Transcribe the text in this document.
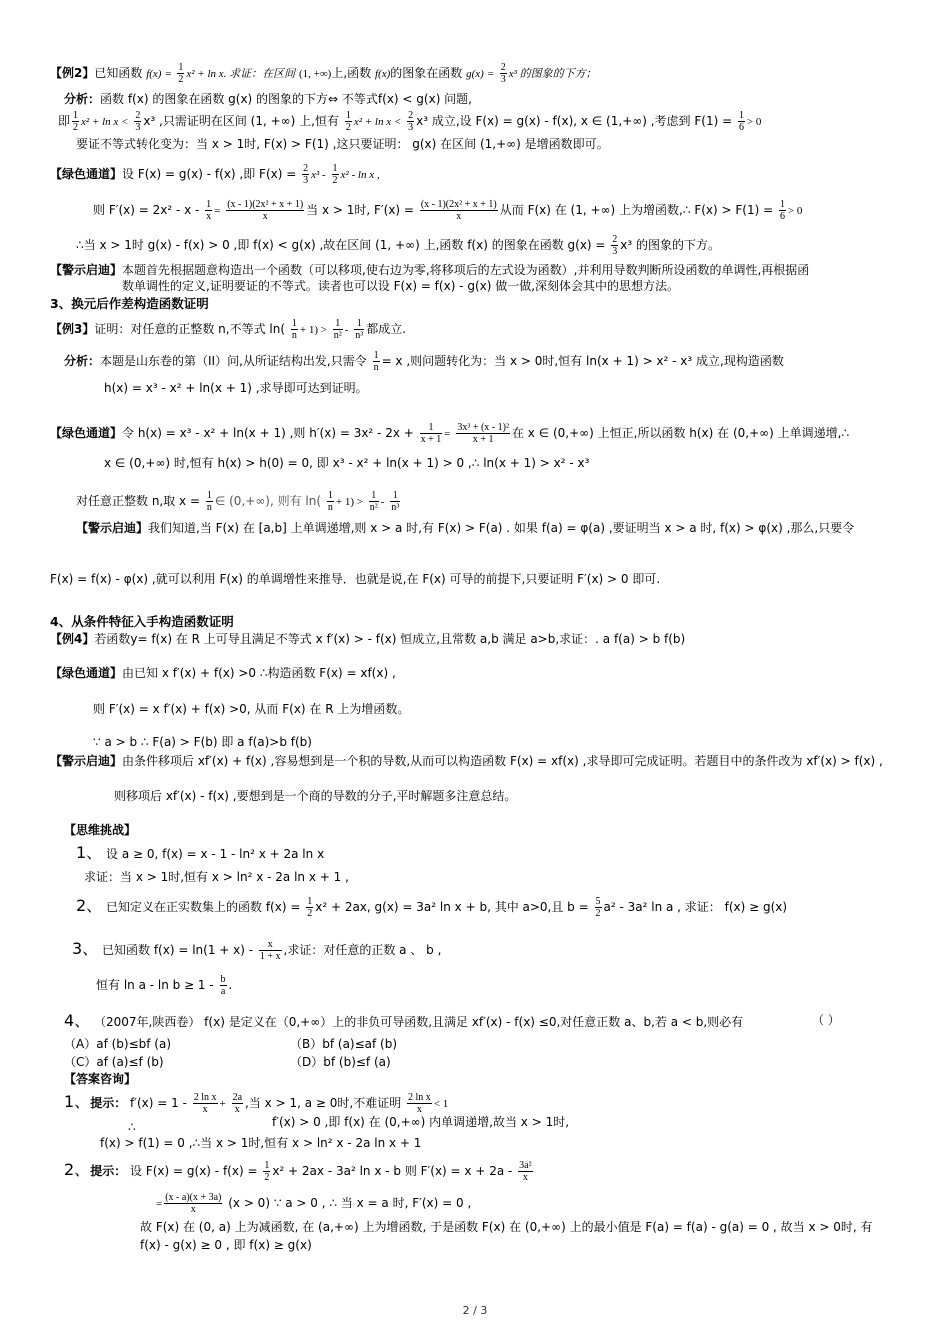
【例2】已知函数 $f(x) = \frac{1}{2} x^2 + \ln x$. 求证：在区间 (1, +∞)上,函数 f(x)的图象在函数 $g(x) = \frac{2}{3} x^3$ 的图象的下方；
分析：函数 f(x) 的图象在函数 g(x) 的图象的下方⇔ 不等式f(x) < g(x) 问题,
即 $\frac{1}{2} x^2 + \ln x < \frac{2}{3} x^3$ ,只需证明在区间 (1, +∞) 上,恒有 $\frac{1}{2} x^2 + \ln x < \frac{2}{3} x^3$ 成立,设 F(x) = g(x) - f(x), x ∈ (1,+∞) ,考虑到 $F(1) = \frac{1}{6} > 0$
要证不等式转化变为：当 x > 1时, F(x) > F(1) ,这只要证明： g(x) 在区间 (1,+∞) 是增函数即可。
【绿色通道】设 F(x) = g(x) - f(x) ,即 $F(x) = \frac{2}{3} x^3 - \frac{1}{2} x^2 - \ln x$ ,
则 $F'(x) = 2x^2 - x - \frac{1}{x} = \frac{\text{(x - 1)(2x² + x + 1)}}{x}$ 当 x > 1时, $F'(x) = \frac{\text{(x - 1)(2x² + x + 1)}}{x}$ 从而 F(x) 在 (1, +∞) 上为增函数,∴ $F(x) > F(1) = \frac{1}{6} > 0$
∴当 x > 1时 g(x) - f(x) > 0 ,即 f(x) < g(x) ,故在区间 (1, +∞) 上,函数 f(x) 的图象在函数 $g(x) = \frac{2}{3} x^3$ 的图象的下方。
【警示启迪】本题首先根据题意构造出一个函数（可以移项,使右边为零,将移项后的左式设为函数）,并利用导数判断所设函数的单调性,再根据函
数单调性的定义,证明要证的不等式。读者也可以设 F(x) = f(x) - g(x) 做一做,深刻体会其中的思想方法。
3、换元后作差构造函数证明
【例3】证明：对任意的正整数 n,不等式 $\ln( \frac{1}{n} + 1) > \frac{1}{\text{n²}} - \frac{1}{\text{n³}}$ 都成立.
分析：本题是山东卷的第（II）问,从所证结构出发,只需令 $\frac{1}{n} = x$ ,则问题转化为：当 x > 0时,恒有 ln(x + 1) > x² - x³ 成立,现构造函数
h(x) = x³ - x² + ln(x + 1) ,求导即可达到证明。
【绿色通道】令 h(x) = x³ - x² + ln(x + 1) ,则 $h'(x) = 3x^2 - 2x + \frac{1}{x + 1} = \frac{\text{3x³ + (x - 1)²}}{x + 1}$ 在 x ∈ (0,+∞) 上恒正,所以函数 h(x) 在 (0,+∞) 上单调递增,∴
x ∈ (0,+∞) 时,恒有 h(x) > h(0) = 0, 即 x³ - x² + ln(x + 1) > 0 ,∴ ln(x + 1) > x² - x³
对任意正整数 n,取 $x = \frac{1}{n}$ ∈ (0,+∞), 则有 $\ln( \frac{1}{n} + 1) > \frac{1}{\text{n²}} - \frac{1}{\text{n³}}$
【警示启迪】我们知道,当 F(x) 在 [a,b] 上单调递增,则 x > a 时,有 F(x) > F(a) . 如果 f(a) = φ(a) ,要证明当 x > a 时, f(x) > φ(x) ,那么,只要令
F(x) = f(x) - φ(x) ,就可以利用 F(x) 的单调增性来推导．也就是说,在 F(x) 可导的前提下,只要证明 F′(x) > 0 即可.
4、从条件特征入手构造函数证明
【例4】若函数y= f(x) 在 R 上可导且满足不等式 x f′(x) > - f(x) 恒成立,且常数 a,b 满足 a>b,求证：. a f(a) > b f(b)
【绿色通道】由已知 x f′(x) + f(x) >0 ∴构造函数 F(x) = xf(x) ,
则 F′(x) = x f′(x) + f(x) >0, 从而 F(x) 在 R 上为增函数。
∵ a > b ∴ F(a) > F(b) 即 a f(a)>b f(b)
【警示启迪】由条件移项后 xf′(x) + f(x) ,容易想到是一个积的导数,从而可以构造函数 F(x) = xf(x) ,求导即可完成证明。若题目中的条件改为 xf′(x) > f(x) ,
则移项后 xf′(x) - f(x) ,要想到是一个商的导数的分子,平时解题多注意总结。
【思维挑战】
1、 设 a ≥ 0, f(x) = x - 1 - ln² x + 2a ln x
求证：当 x > 1时,恒有 x > ln² x - 2a ln x + 1 ,
2、 已知定义在正实数集上的函数 $f(x) = \frac{1}{2} x^2 + 2ax$, g(x) = 3a² ln x + b, 其中 a>0,且 $b = \frac{5}{2} a^2 - 3a^2$ ln a , 求证： f(x) ≥ g(x)
3、 已知函数 $f(x) = \ln(1 + x) - \frac{x}{1 + x}$ ,求证：对任意的正数 a 、 b ,
恒有 $\ln a - \ln b \ge 1 - \frac{b}{a}$ .
4、 （2007年,陕西卷） f(x) 是定义在（0,+∞）上的非负可导函数,且满足 xf′(x) - f(x) ≤0,对任意正数 a、b,若 a < b,则必有	（ ）
（A）af (b)≤bf (a)	（B）bf (a)≤af (b)
（C）af (a)≤f (b)	（D）bf (b)≤f (a)
【答案咨询】
1、提示： $f'(x) = 1 - \frac{\text{2 ln x}}{x} + \frac{2a}{x}$ ,当 x > 1, a ≥ 0时,不难证明 $\frac{\text{2 ln x}}{x} < 1$
∴	f′(x) > 0 ,即 f(x) 在 (0,+∞) 内单调递增,故当 x > 1时,
f(x) > f(1) = 0 ,∴当 x > 1时,恒有 x > ln² x - 2a ln x + 1
2、提示： 设 $F(x) = g(x) - f(x) = \frac{1}{2} x^2 + 2ax - 3a^2$ ln x - b 则 $F'(x) = x + 2a - \frac{\text{3a²}}{x}$
= $\frac{(x - a)(x + 3a)}{x} (x > 0)$ ∵ a > 0 , ∴ 当 x = a 时, F′(x) = 0 ,
故 F(x) 在 (0, a) 上为减函数, 在 (a,+∞) 上为增函数, 于是函数 F(x) 在 (0,+∞) 上的最小值是 F(a) = f(a) - g(a) = 0 , 故当 x > 0时, 有
f(x) - g(x) ≥ 0 , 即 f(x) ≥ g(x)
2 / 3
